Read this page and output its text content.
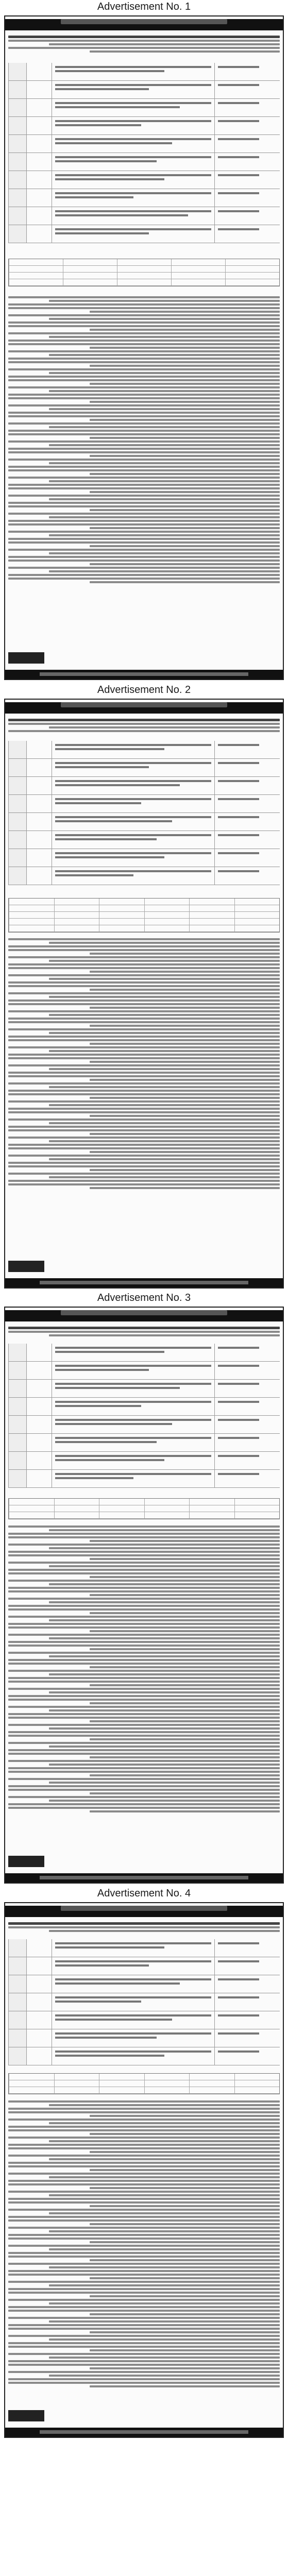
Advertisement No. 1
Advertisement No. 2
Advertisement No. 3
Advertisement No. 4
